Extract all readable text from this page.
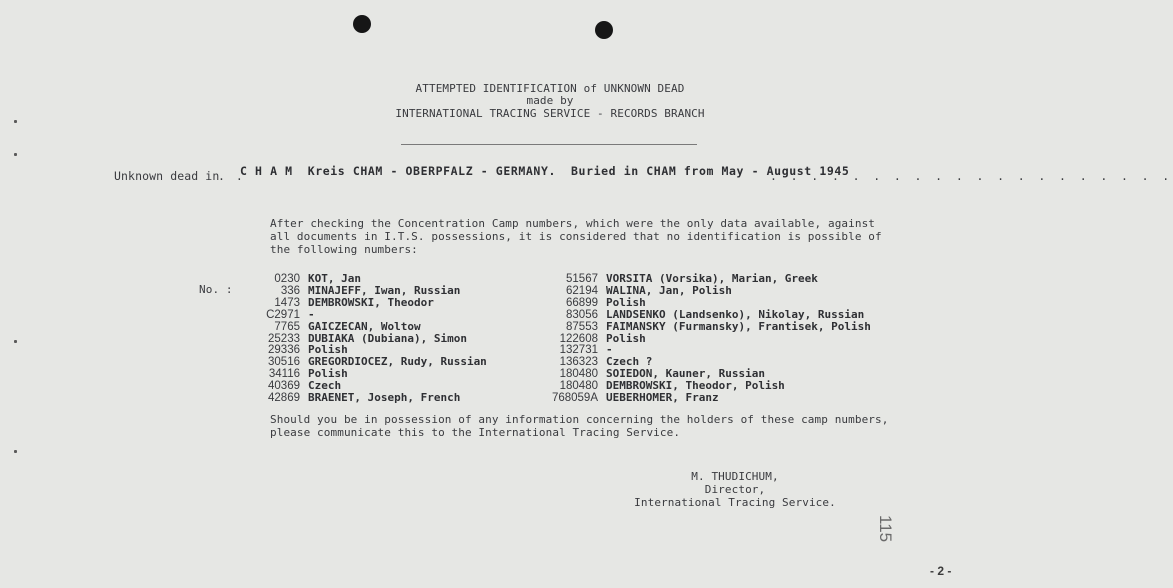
ATTEMPTED IDENTIFICATION of UNKNOWN DEAD
made by
INTERNATIONAL TRACING SERVICE - RECORDS BRANCH
Unknown dead in
. .
C H A M  Kreis CHAM - OBERPFALZ - GERMANY.  Buried in CHAM from May - August 1945
. . . . . . . . . . . . . . . . . . . .
After checking the Concentration Camp numbers, which were the only data available, against all documents in I.T.S. possessions, it is considered that no identification is possible of the following numbers:
No. :
0230 KOT, Jan
336 MINAJEFF, Iwan, Russian
1473 DEMBROWSKI, Theodor
C2971 -
7765 GAICZECAN, Woltow
25233 DUBIAKA (Dubiana), Simon
29336 Polish
30516 GREGORDIOCEZ, Rudy, Russian
34116 Polish
40369 Czech
42869 BRAENET, Joseph, French
51567 VORSITA (Vorsika), Marian, Greek
62194 WALINA, Jan, Polish
66899 Polish
83056 LANDSENKO (Landsenko), Nikolay, Russian
87553 FAIMANSKY (Furmansky), Frantisek, Polish
122608 Polish
132731 -
136323 Czech ?
180480 SOIEDON, Kauner, Russian
180480 DEMBROWSKI, Theodor, Polish
768059A UEBERHOMER, Franz
Should you be in possession of any information concerning the holders of these camp numbers, please communicate this to the International Tracing Service.
M. THUDICHUM,
Director,
International Tracing Service.
115
- 2 -
